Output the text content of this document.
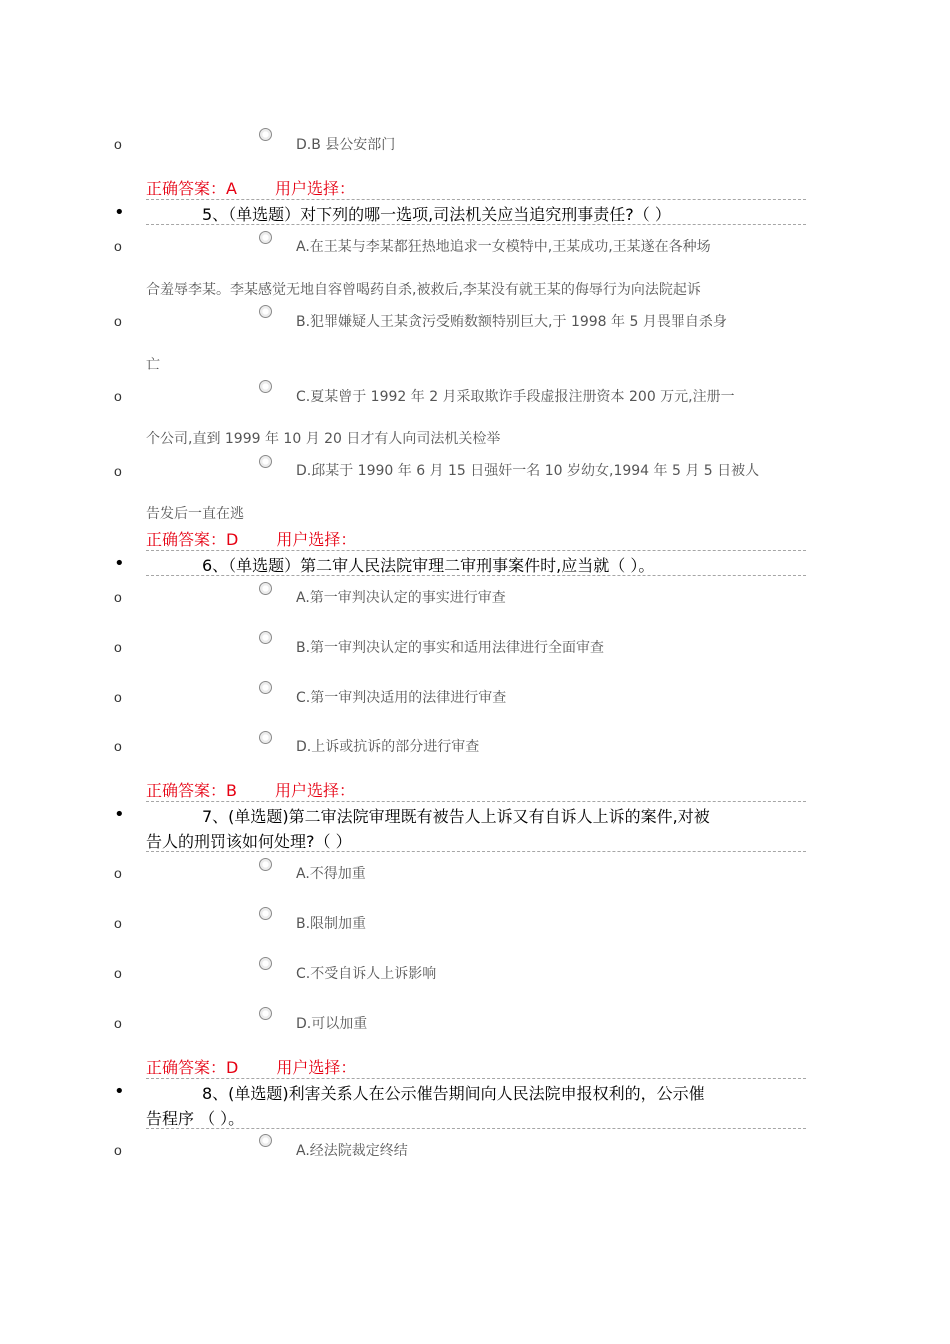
o	D.B 县公安部门
正确答案：A 用户选择：
•	5、（单选题）对下列的哪一选项,司法机关应当追究刑事责任?（ ）
o	A.在王某与李某都狂热地追求一女模特中,王某成功,王某遂在各种场
合羞辱李某。李某感觉无地自容曾喝药自杀,被救后,李某没有就王某的侮辱行为向法院起诉
o	B.犯罪嫌疑人王某贪污受贿数额特别巨大,于 1998 年 5 月畏罪自杀身
亡
o	C.夏某曾于 1992 年 2 月采取欺诈手段虚报注册资本 200 万元,注册一
个公司,直到 1999 年 10 月 20 日才有人向司法机关检举
o	D.邱某于 1990 年 6 月 15 日强奸一名 10 岁幼女,1994 年 5 月 5 日被人
告发后一直在逃
正确答案：D 用户选择：
•	6、（单选题）第二审人民法院审理二审刑事案件时,应当就（ ）。
o	A.第一审判决认定的事实进行审查
o	B.第一审判决认定的事实和适用法律进行全面审查
o	C.第一审判决适用的法律进行审查
o	D.上诉或抗诉的部分进行审查
正确答案：B 用户选择：
•	7、(单选题)第二审法院审理既有被告人上诉又有自诉人上诉的案件,对被
告人的刑罚该如何处理?（ ）
o	A.不得加重
o	B.限制加重
o	C.不受自诉人上诉影响
o	D.可以加重
正确答案：D 用户选择：
•	8、(单选题)利害关系人在公示催告期间向人民法院申报权利的，公示催
告程序 （ ）。
o	A.经法院裁定终结
